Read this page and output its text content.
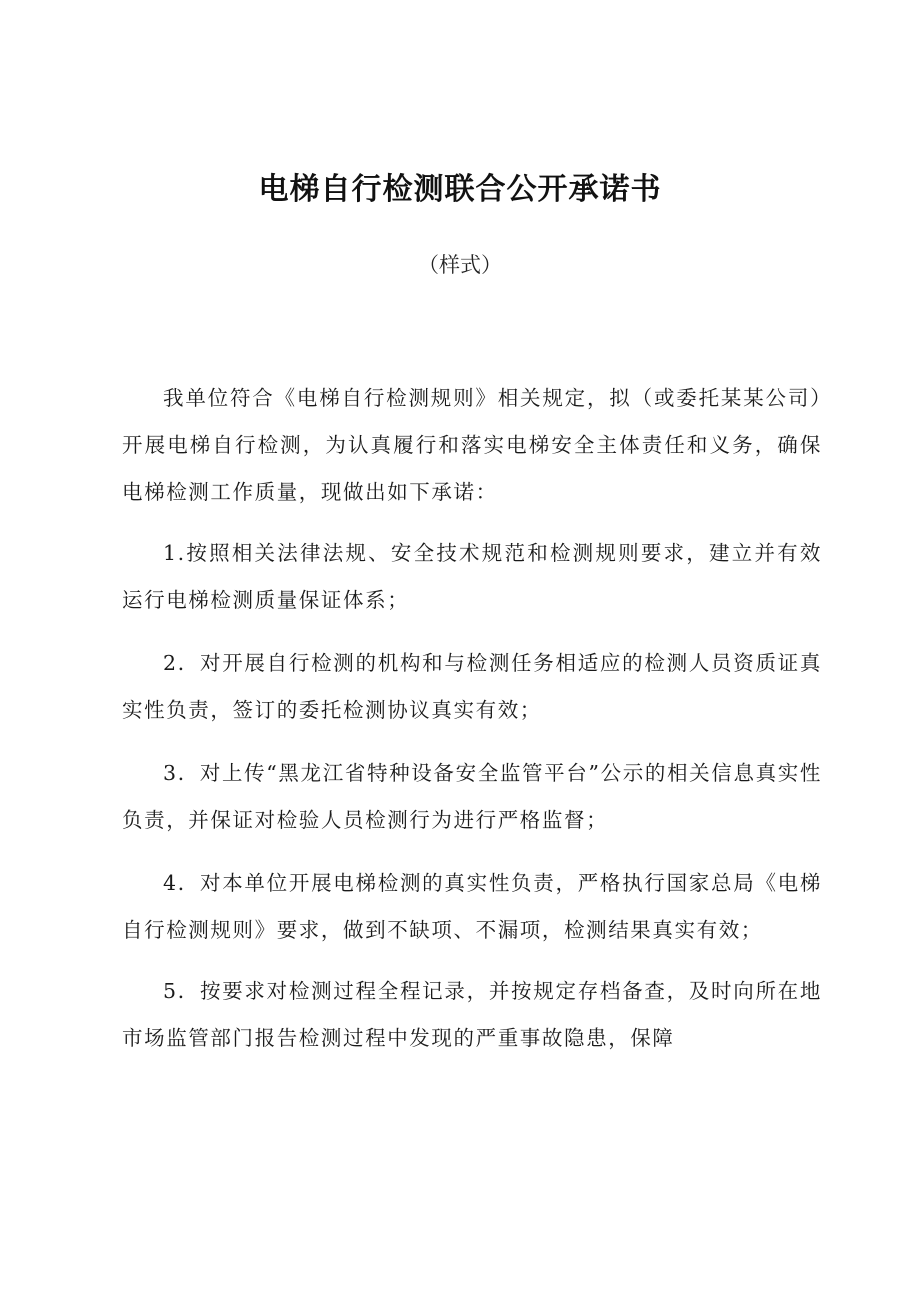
电梯自行检测联合公开承诺书
（样式）

我单位符合《电梯自行检测规则》相关规定，拟（或委托某某公司）开展电梯自行检测，为认真履行和落实电梯安全主体责任和义务，确保电梯检测工作质量，现做出如下承诺：

1.按照相关法律法规、安全技术规范和检测规则要求，建立并有效运行电梯检测质量保证体系；

2．对开展自行检测的机构和与检测任务相适应的检测人员资质证真实性负责，签订的委托检测协议真实有效；

3．对上传“黑龙江省特种设备安全监管平台”公示的相关信息真实性负责，并保证对检验人员检测行为进行严格监督；

4．对本单位开展电梯检测的真实性负责，严格执行国家总局《电梯自行检测规则》要求，做到不缺项、不漏项，检测结果真实有效；

5．按要求对检测过程全程记录，并按规定存档备查，及时向所在地市场监管部门报告检测过程中发现的严重事故隐患，保障
